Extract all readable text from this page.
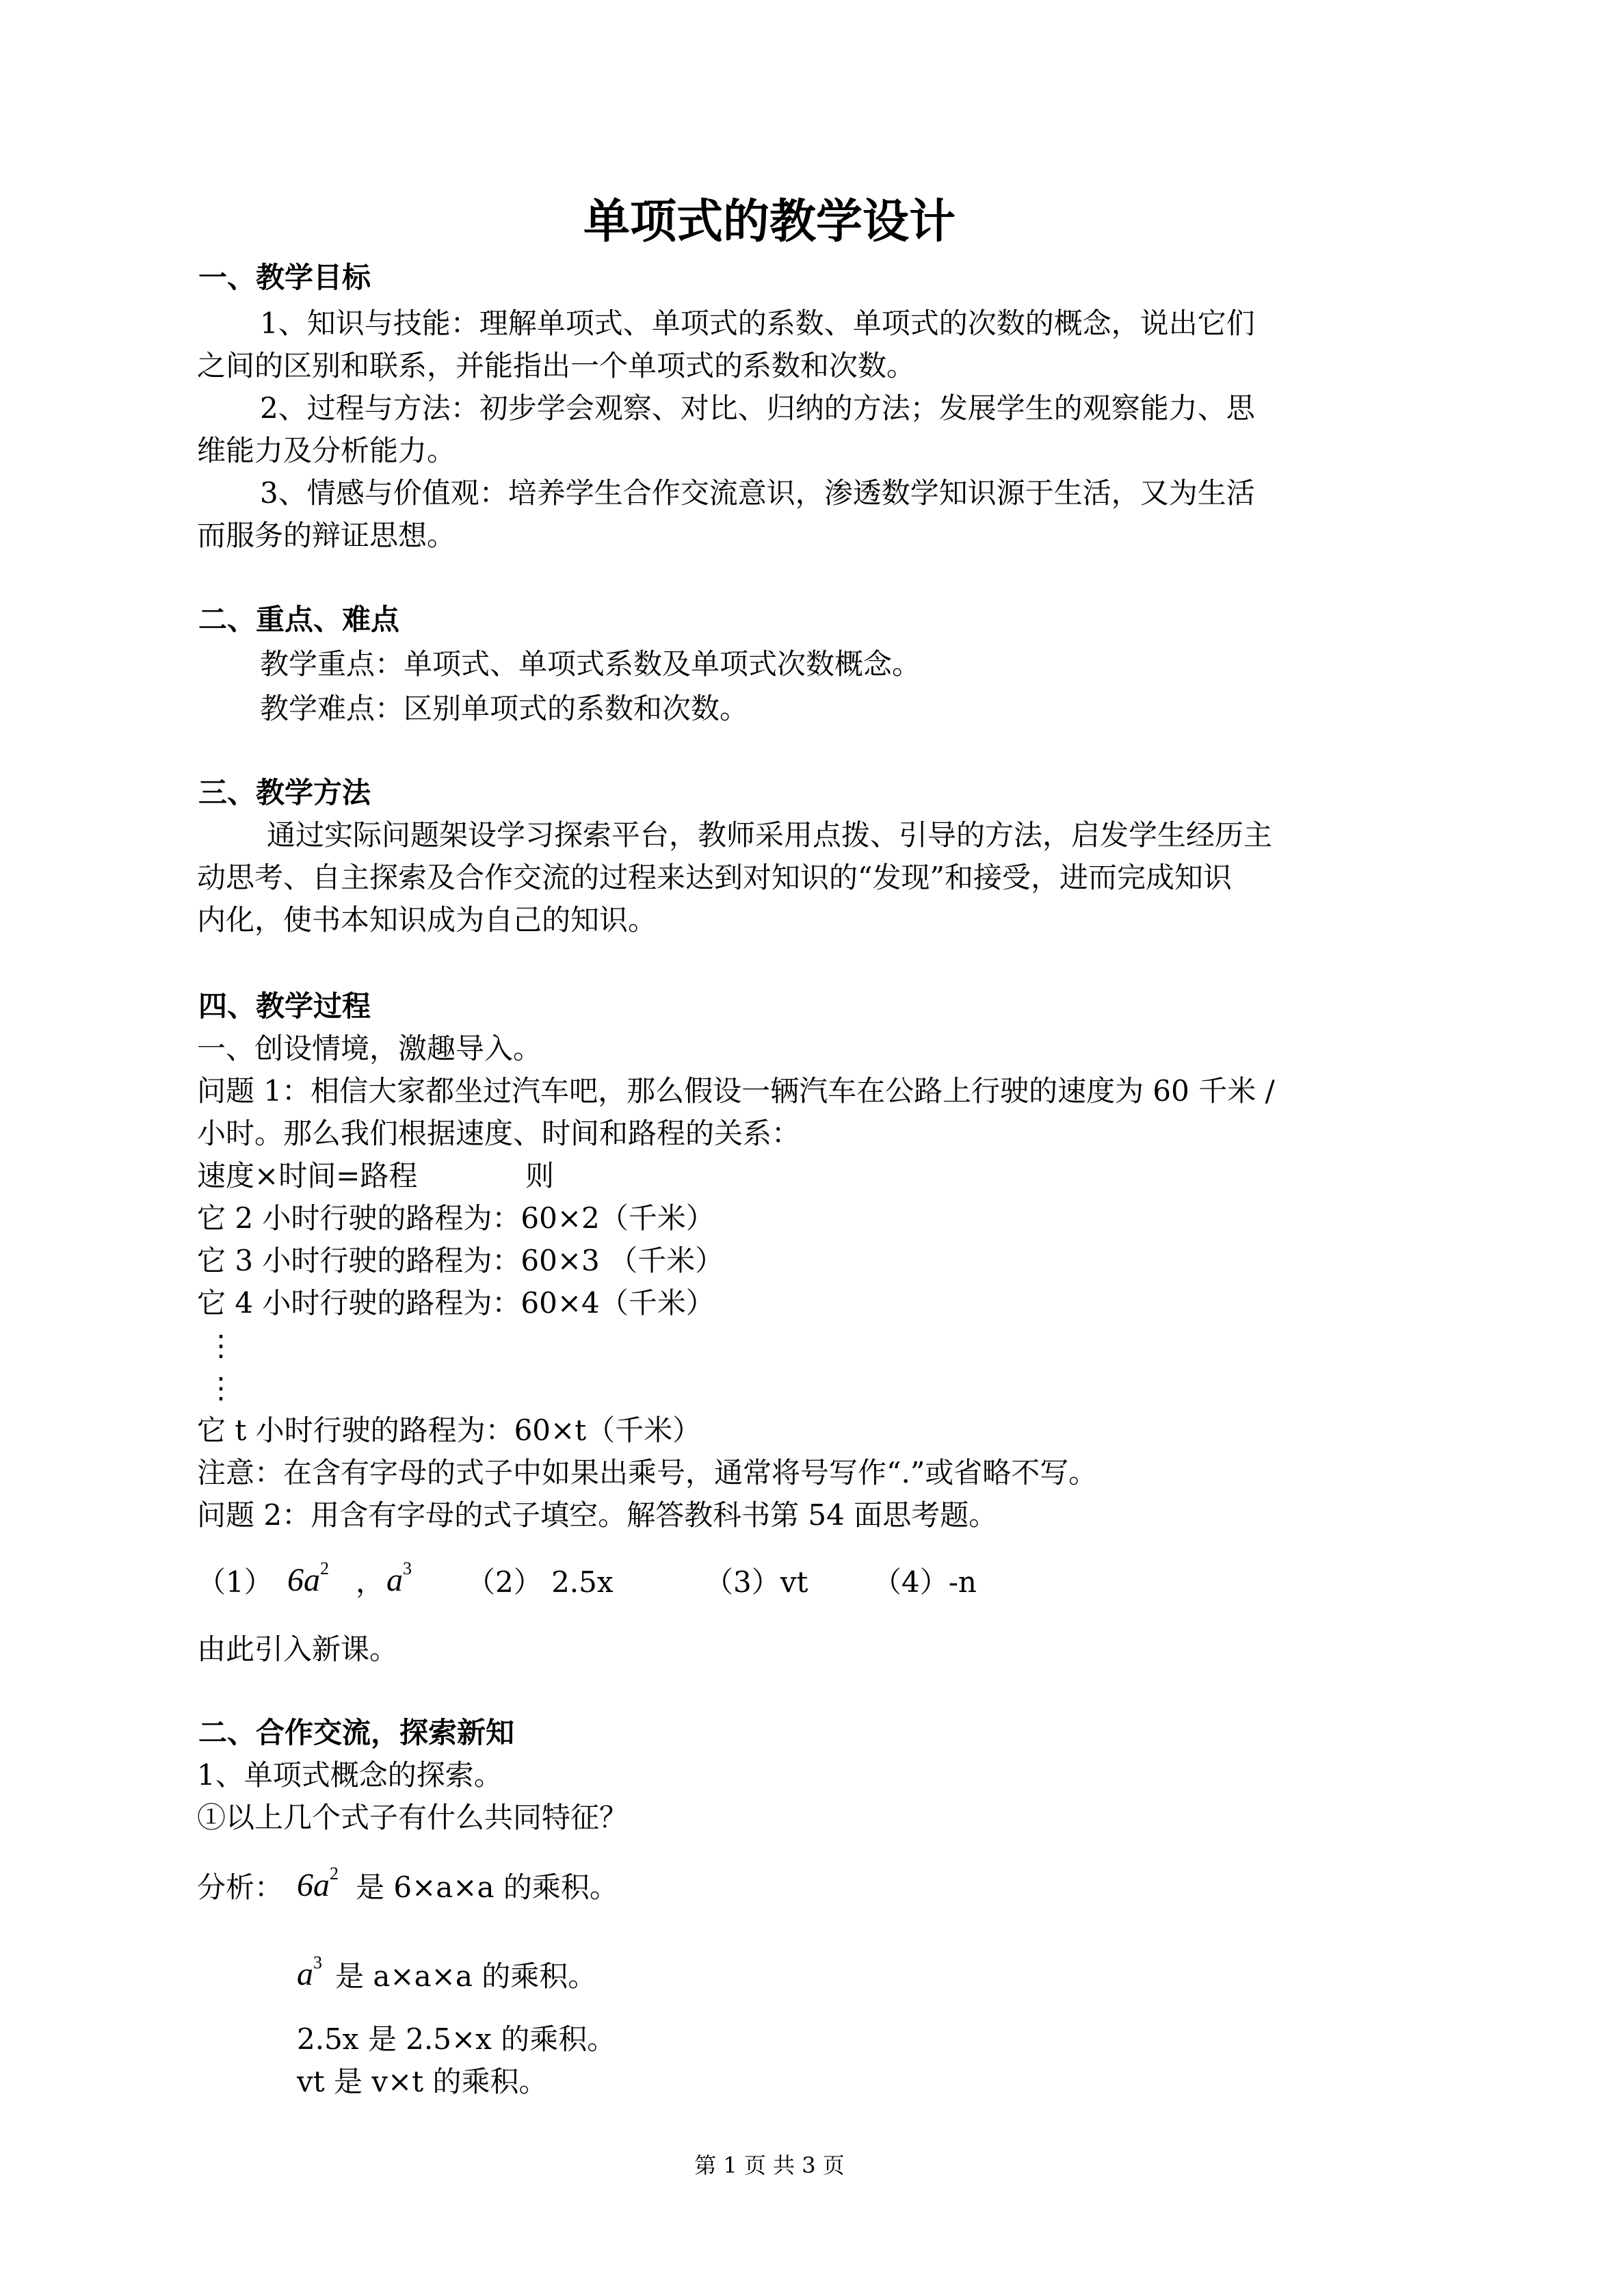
单项式的教学设计
一、教学目标
1、知识与技能：理解单项式、单项式的系数、单项式的次数的概念，说出它们
之间的区别和联系，并能指出一个单项式的系数和次数。
2、过程与方法：初步学会观察、对比、归纳的方法；发展学生的观察能力、思
维能力及分析能力。
3、情感与价值观：培养学生合作交流意识，渗透数学知识源于生活，又为生活
而服务的辩证思想。
二、重点、难点
教学重点：单项式、单项式系数及单项式次数概念。
教学难点：区别单项式的系数和次数。
三、教学方法
通过实际问题架设学习探索平台，教师采用点拨、引导的方法，启发学生经历主
动思考、自主探索及合作交流的过程来达到对知识的“发现”和接受，进而完成知识
内化，使书本知识成为自己的知识。
四、教学过程
一、创设情境，激趣导入。
问题 1：相信大家都坐过汽车吧，那么假设一辆汽车在公路上行驶的速度为 60 千米 /
小时。那么我们根据速度、时间和路程的关系：
速度×时间=路程	则
它 2 小时行驶的路程为：60×2（千米）
它 3 小时行驶的路程为：60×3 （千米）
它 4 小时行驶的路程为：60×4（千米）
⋮
⋮
它 t 小时行驶的路程为：60×t（千米）
注意：在含有字母的式子中如果出乘号，通常将号写作“.”或省略不写。
问题 2：用含有字母的式子填空。解答教科书第 54 面思考题。
（1） $6a^2$ ， $a^3$ （2） 2.5x	（3）vt （4）-n
由此引入新课。
二、合作交流，探索新知
1、单项式概念的探索。
①以上几个式子有什么共同特征？
分析： $6a^2$ 是 6×a×a 的乘积。
$a^3$ 是 a×a×a 的乘积。
2.5x 是 2.5×x 的乘积。
vt 是 v×t 的乘积。
第 1 页 共 3 页
